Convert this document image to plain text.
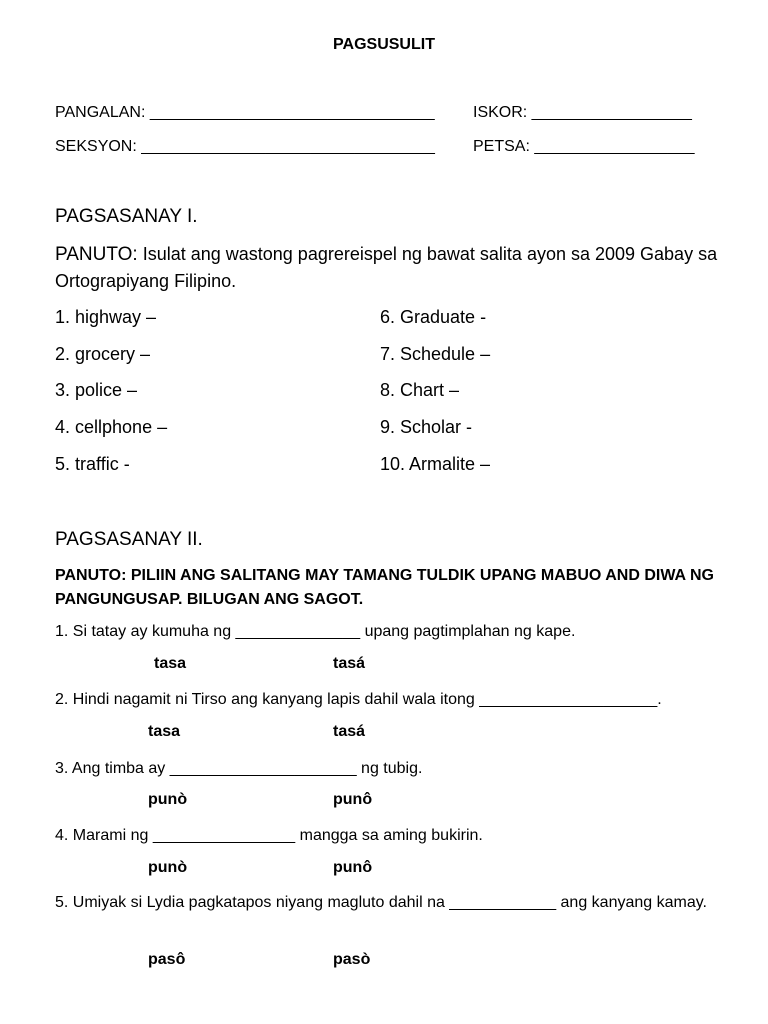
PAGSUSULIT
PANGALAN: ________________________________ ISKOR: __________________
SEKSYON: _________________________________ PETSA: __________________
PAGSASANAY I.
PANUTO: Isulat ang wastong pagrereispel ng bawat salita ayon sa 2009 Gabay sa Ortograpiyang Filipino.
1. highway –
2. grocery –
3. police –
4. cellphone –
5. traffic -
6. Graduate -
7. Schedule –
8. Chart –
9. Scholar -
10. Armalite –
PAGSASANAY II.
PANUTO: PILIIN ANG SALITANG MAY TAMANG TULDIK UPANG MABUO AND DIWA NG PANGUNGUSAP. BILUGAN ANG SAGOT.
1. Si tatay ay kumuha ng ______________ upang pagtimplahan ng kape.
tasa	tasá
2. Hindi nagamit ni Tirso ang kanyang lapis dahil wala itong ____________________.
tasa	tasá
3. Ang timba ay _____________________ ng tubig.
punò	punô
4. Marami ng ________________ mangga sa aming bukirin.
punò	punô
5. Umiyak si Lydia pagkatapos niyang magluto dahil na ____________ ang kanyang kamay.
pasô	pasò
